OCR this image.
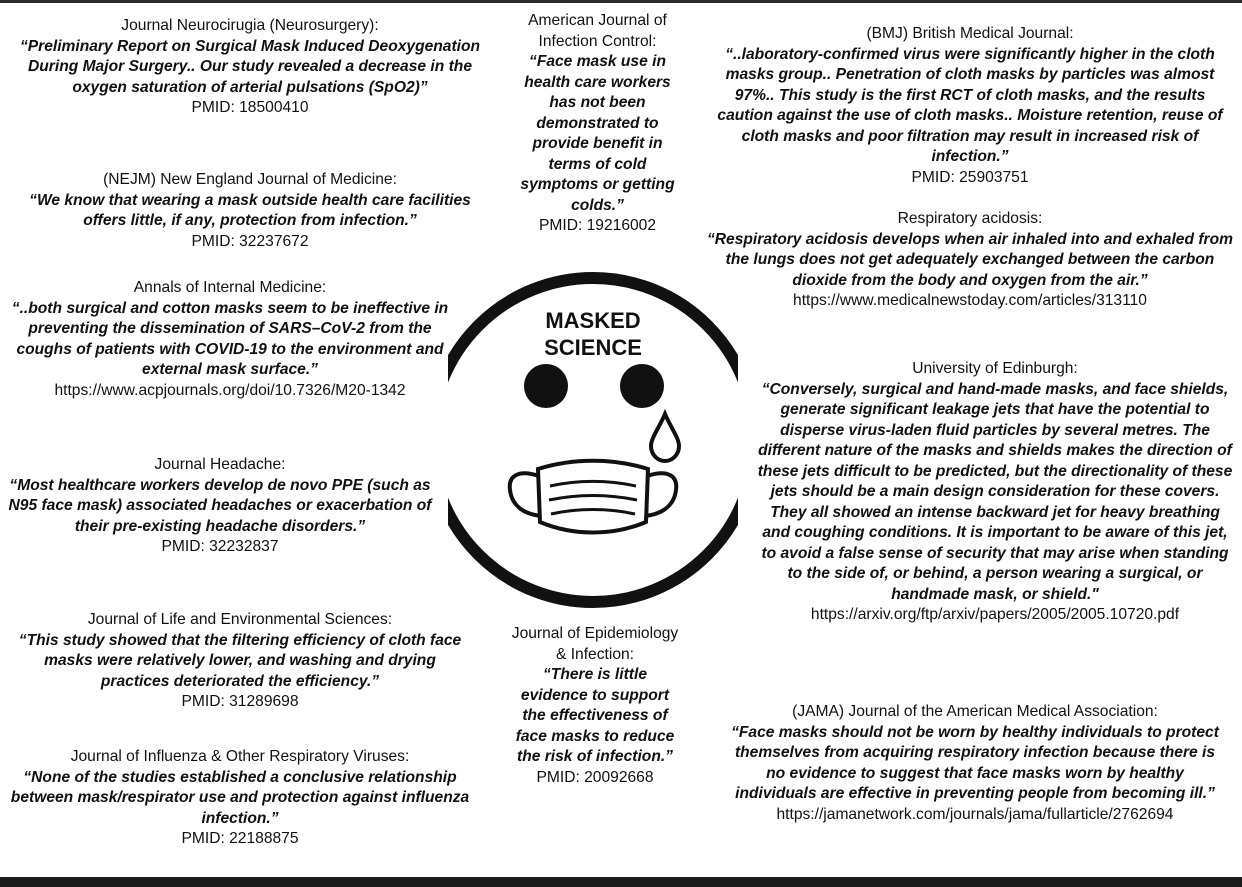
Journal Neurocirugia (Neurosurgery):
“Preliminary Report on Surgical Mask Induced Deoxygenation During Major Surgery.. Our study revealed a decrease in the oxygen saturation of arterial pulsations (SpO2)”
PMID: 18500410
(NEJM) New England Journal of Medicine:
“We know that wearing a mask outside health care facilities offers little, if any, protection from infection.”
PMID: 32237672
Annals of Internal Medicine:
“..both surgical and cotton masks seem to be ineffective in preventing the dissemination of SARS–CoV-2 from the coughs of patients with COVID-19 to the environment and external mask surface.”
https://www.acpjournals.org/doi/10.7326/M20-1342
Journal Headache:
“Most healthcare workers develop de novo PPE (such as N95 face mask) associated headaches or exacerbation of their pre-existing headache disorders.”
PMID: 32232837
Journal of Life and Environmental Sciences:
“This study showed that the filtering efficiency of cloth face masks were relatively lower, and washing and drying practices deteriorated the efficiency.”
PMID: 31289698
Journal of Influenza & Other Respiratory Viruses:
“None of the studies established a conclusive relationship between mask/respirator use and protection against influenza infection.”
PMID: 22188875
American Journal of Infection Control:
“Face mask use in health care workers has not been demonstrated to provide benefit in terms of cold symptoms or getting colds.”
PMID: 19216002
Journal of Epidemiology & Infection:
“There is little evidence to support the effectiveness of face masks to reduce the risk of infection.”
PMID: 20092668
(BMJ) British Medical Journal:
“..laboratory-confirmed virus were significantly higher in the cloth masks group.. Penetration of cloth masks by particles was almost 97%.. This study is the first RCT of cloth masks, and the results caution against the use of cloth masks.. Moisture retention, reuse of cloth masks and poor filtration may result in increased risk of infection.”
PMID: 25903751
Respiratory acidosis:
“Respiratory acidosis develops when air inhaled into and exhaled from the lungs does not get adequately exchanged between the carbon dioxide from the body and oxygen from the air.”
https://www.medicalnewstoday.com/articles/313110
University of Edinburgh:
“Conversely, surgical and hand-made masks, and face shields, generate significant leakage jets that have the potential to disperse virus-laden fluid particles by several metres. The different nature of the masks and shields makes the direction of these jets difficult to be predicted, but the directionality of these jets should be a main design consideration for these covers. They all showed an intense backward jet for heavy breathing and coughing conditions. It is important to be aware of this jet, to avoid a false sense of security that may arise when standing to the side of, or behind, a person wearing a surgical, or handmade mask, or shield."
https://arxiv.org/ftp/arxiv/papers/2005/2005.10720.pdf
(JAMA) Journal of the American Medical Association:
“Face masks should not be worn by healthy individuals to protect themselves from acquiring respiratory infection because there is no evidence to suggest that face masks worn by healthy individuals are effective in preventing people from becoming ill.”
https://jamanetwork.com/journals/jama/fullarticle/2762694
MASKED
SCIENCE
